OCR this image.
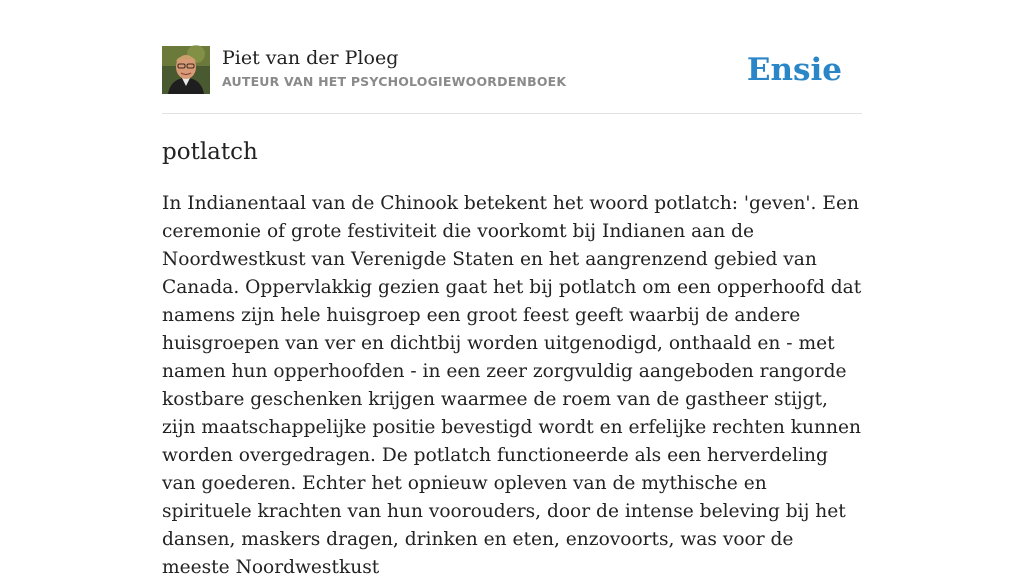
Piet van der Ploeg
AUTEUR VAN HET PSYCHOLOGIEWOORDENBOEK	Ensie
potlatch

In Indianentaal van de Chinook betekent het woord potlatch: 'geven'. Een ceremonie of grote festiviteit die voorkomt bij Indianen aan de Noordwestkust van Verenigde Staten en het aangrenzend gebied van Canada. Oppervlakkig gezien gaat het bij potlatch om een opperhoofd dat namens zijn hele huisgroep een groot feest geeft waarbij de andere huisgroepen van ver en dichtbij worden uitgenodigd, onthaald en - met namen hun opperhoofden - in een zeer zorgvuldig aangeboden rangorde kostbare geschenken krijgen waarmee de roem van de gastheer stijgt, zijn maatschappelijke positie bevestigd wordt en erfelijke rechten kunnen worden overgedragen. De potlatch functioneerde als een herverdeling van goederen. Echter het opnieuw opleven van de mythische en spirituele krachten van hun voorouders, door de intense beleving bij het dansen, maskers dragen, drinken en eten, enzovoorts, was voor de meeste Noordwestkust
